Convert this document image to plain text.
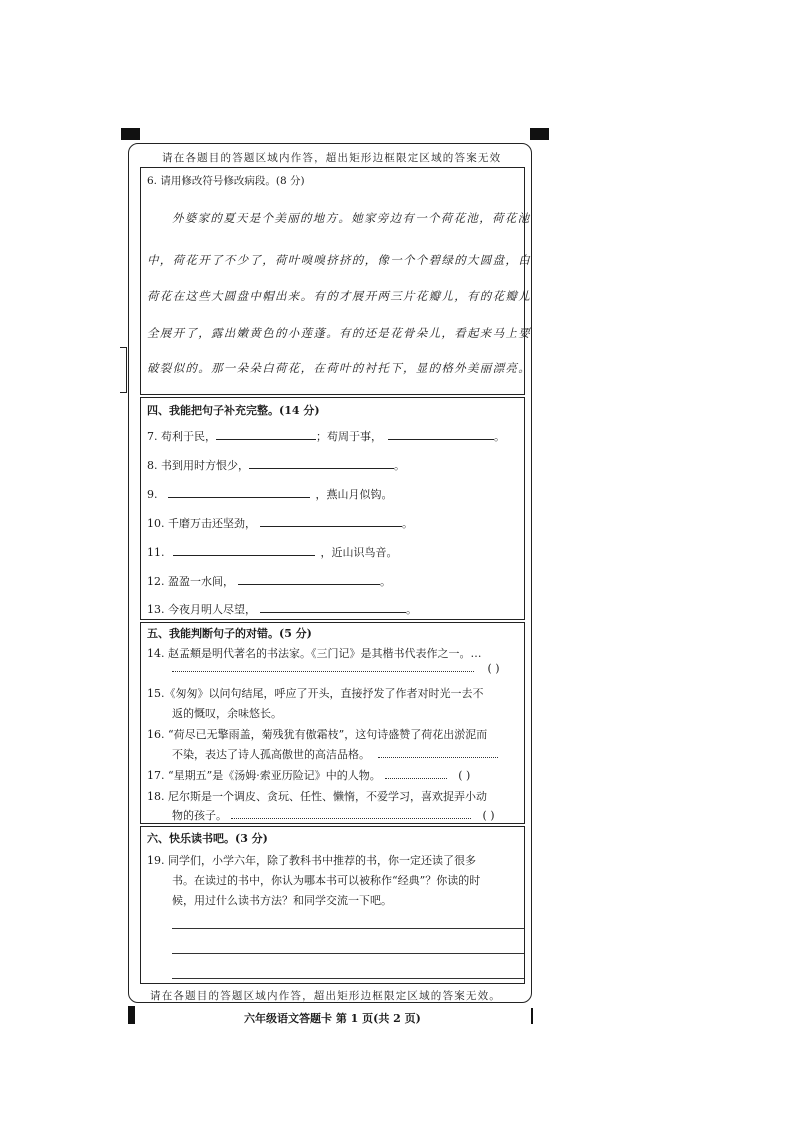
请在各题目的答题区域内作答，超出矩形边框限定区域的答案无效
6. 请用修改符号修改病段。(8 分)
外婆家的夏天是个美丽的地方。她家旁边有一个荷花池，荷花池
中，荷花开了不少了，荷叶嗅嗅挤挤的，像一个个碧绿的大圆盘，白
荷花在这些大圆盘中帽出来。有的才展开两三片花瓣儿，有的花瓣儿
全展开了，露出嫩黄色的小莲蓬。有的还是花骨朵儿，看起来马上要
破裂似的。那一朵朵白荷花，在荷叶的衬托下，显的格外美丽漂亮。
四、我能把句子补充完整。(14 分)
7. 苟利于民，	；苟周于事，	。
8. 书到用时方恨少，	。
9.	，燕山月似钩。
10. 千磨万击还坚劲，	。
11.	，近山识鸟音。
12. 盈盈一水间，	。
13. 今夜月明人尽望，	。
五、我能判断句子的对错。(5 分)
14. 赵孟頫是明代著名的书法家。《三门记》是其楷书代表作之一。…
( )
15.《匆匆》以问句结尾，呼应了开头，直接抒发了作者对时光一去不
返的慨叹，余味悠长。
16. “荷尽已无擎雨盖，菊残犹有傲霜枝”，这句诗盛赞了荷花出淤泥而
不染，表达了诗人孤高傲世的高洁品格。
17. “星期五”是《汤姆·索亚历险记》中的人物。	( )
18. 尼尔斯是一个调皮、贪玩、任性、懒惰，不爱学习，喜欢捉弄小动
物的孩子。	( )
六、快乐读书吧。(3 分)
19. 同学们，小学六年，除了教科书中推荐的书，你一定还读了很多
书。在读过的书中，你认为哪本书可以被称作“经典”？你读的时
候，用过什么读书方法？和同学交流一下吧。
请在各题目的答题区域内作答，超出矩形边框限定区域的答案无效。
六年级语文答题卡 第 1 页(共 2 页)
